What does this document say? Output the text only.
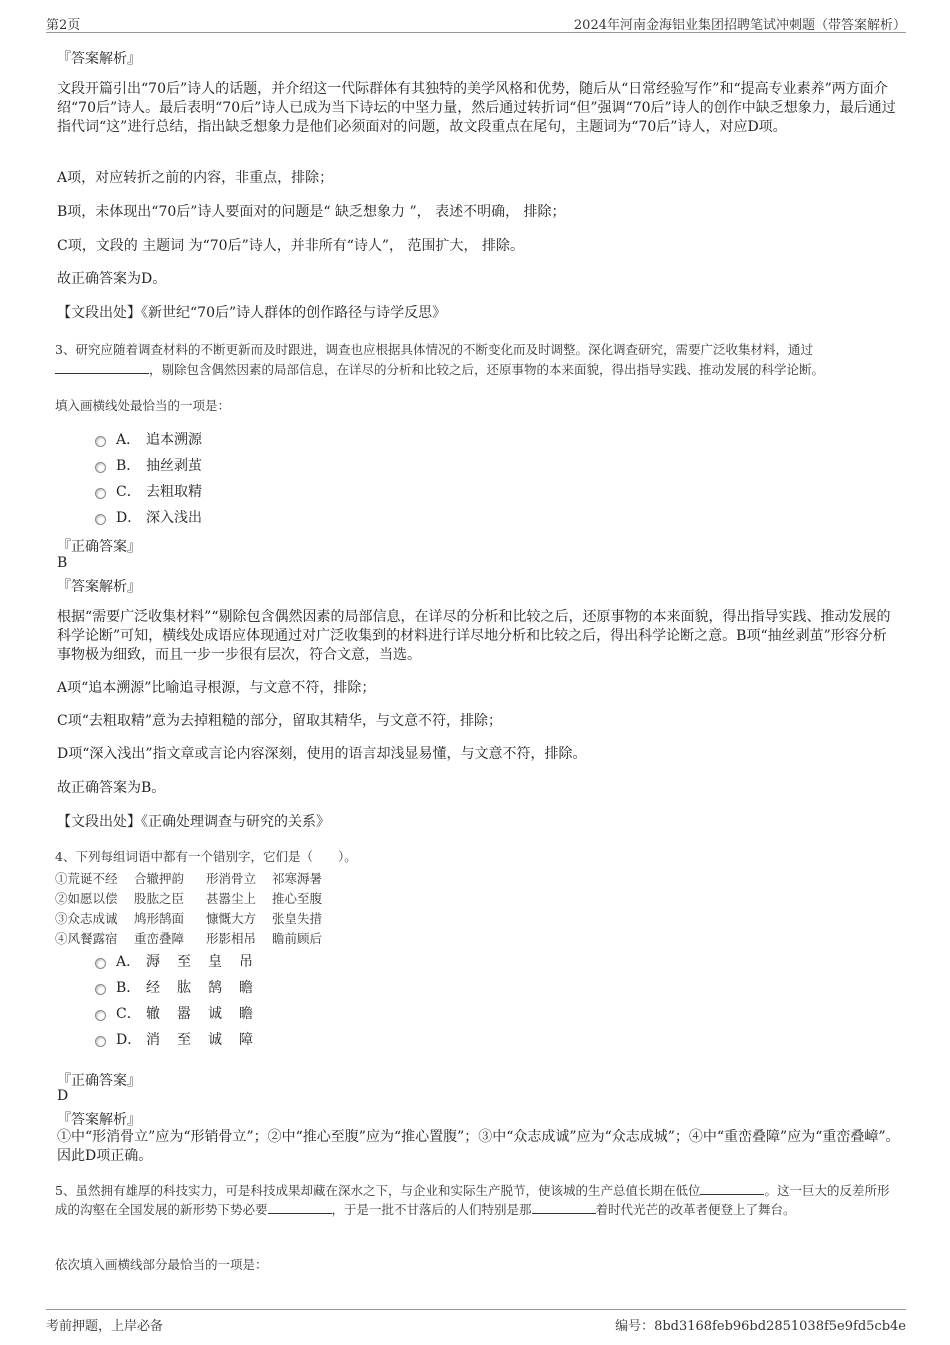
第2页	2024年河南金海铝业集团招聘笔试冲刺题（带答案解析）
『答案解析』
文段开篇引出“70后”诗人的话题，并介绍这一代际群体有其独特的美学风格和优势，随后从“日常经验写作”和“提高专业素养”两方面介绍“70后”诗人。最后表明“70后”诗人已成为当下诗坛的中坚力量，然后通过转折词“但”强调“70后”诗人的创作中缺乏想象力，最后通过指代词“这”进行总结，指出缺乏想象力是他们必须面对的问题，故文段重点在尾句，主题词为“70后”诗人，对应D项。
A项，对应转折之前的内容，非重点，排除；
B项，未体现出“70后”诗人要面对的问题是“ 缺乏想象力 ”， 表述不明确， 排除；
C项，文段的 主题词 为“70后”诗人，并非所有“诗人”， 范围扩大， 排除。
故正确答案为D。
【文段出处】《新世纪“70后”诗人群体的创作路径与诗学反思》
3、研究应随着调查材料的不断更新而及时跟进，调查也应根据具体情况的不断变化而及时调整。深化调查研究，需要广泛收集材料，通过
，剔除包含偶然因素的局部信息，在详尽的分析和比较之后，还原事物的本来面貌，得出指导实践、推动发展的科学论断。
填入画横线处最恰当的一项是：
A． 追本溯源
B． 抽丝剥茧
C． 去粗取精
D． 深入浅出
『正确答案』
B
『答案解析』
根据“需要广泛收集材料”“剔除包含偶然因素的局部信息，在详尽的分析和比较之后，还原事物的本来面貌，得出指导实践、推动发展的科学论断”可知，横线处成语应体现通过对广泛收集到的材料进行详尽地分析和比较之后，得出科学论断之意。B项“抽丝剥茧”形容分析事物极为细致，而且一步一步很有层次，符合文意，当选。
A项“追本溯源”比喻追寻根源，与文意不符，排除；
C项“去粗取精”意为去掉粗糙的部分，留取其精华，与文意不符，排除；
D项“深入浅出”指文章或言论内容深刻，使用的语言却浅显易懂，与文意不符，排除。
故正确答案为B。
【文段出处】《正确处理调查与研究的关系》
4、下列每组词语中都有一个错别字，它们是（　　）。
①荒诞不经 合辙押韵 形消骨立 祁寒溽暑
②如愿以偿 股肱之臣 甚嚣尘上 推心至腹
③众志成诚 鸠形鹄面 慷慨大方 张皇失措
④风餐露宿 重峦叠障 形影相吊 瞻前顾后
A． 溽 至 皇 吊
B． 经 肱 鹄 瞻
C． 辙 嚣 诚 瞻
D． 消 至 诚 障
『正确答案』
D
『答案解析』
①中“形消骨立”应为“形销骨立”；②中“推心至腹”应为“推心置腹”；③中“众志成诚”应为“众志成城”；④中“重峦叠障”应为“重峦叠嶂”。因此D项正确。
5、虽然拥有雄厚的科技实力，可是科技成果却藏在深水之下，与企业和实际生产脱节，使该城的生产总值长期在低位	。这一巨大的反差所形成的沟壑在全国发展的新形势下势必要	，于是一批不甘落后的人们特别是那	着时代光芒的改革者便登上了舞台。
依次填入画横线部分最恰当的一项是：
考前押题，上岸必备	编号：8bd3168feb96bd2851038f5e9fd5cb4e
